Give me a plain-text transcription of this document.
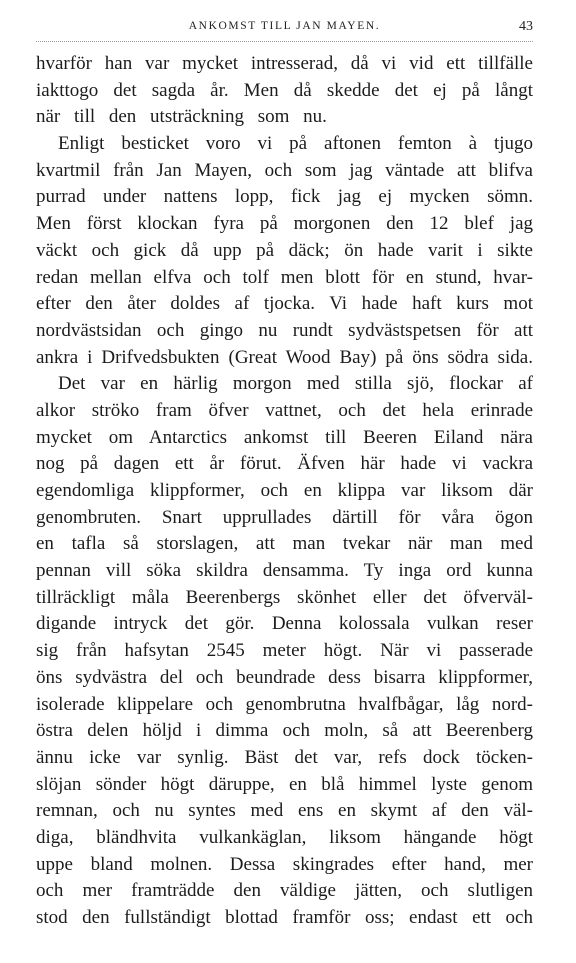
ANKOMST TILL JAN MAYEN.	43
hvarför han var mycket intresserad, då vi vid ett tillfälle
iakttogo det sagda år. Men då skedde det ej på långt
när till den utsträckning som nu.
Enligt besticket voro vi på aftonen femton à tjugo
kvartmil från Jan Mayen, och som jag väntade att blifva
purrad under nattens lopp, fick jag ej mycken sömn.
Men först klockan fyra på morgonen den 12 blef jag
väckt och gick då upp på däck; ön hade varit i sikte
redan mellan elfva och tolf men blott för en stund, hvar-
efter den åter doldes af tjocka. Vi hade haft kurs mot
nordvästsidan och gingo nu rundt sydvästspetsen för att
ankra i Drifvedsbukten (Great Wood Bay) på öns södra sida.
Det var en härlig morgon med stilla sjö, flockar af
alkor ströko fram öfver vattnet, och det hela erinrade
mycket om Antarctics ankomst till Beeren Eiland nära
nog på dagen ett år förut. Äfven här hade vi vackra
egendomliga klippformer, och en klippa var liksom där
genombruten. Snart upprullades därtill för våra ögon
en tafla så storslagen, att man tvekar när man med
pennan vill söka skildra densamma. Ty inga ord kunna
tillräckligt måla Beerenbergs skönhet eller det öfverväl-
digande intryck det gör. Denna kolossala vulkan reser
sig från hafsytan 2545 meter högt. När vi passerade
öns sydvästra del och beundrade dess bisarra klippformer,
isolerade klippelare och genombrutna hvalfbågar, låg nord-
östra delen höljd i dimma och moln, så att Beerenberg
ännu icke var synlig. Bäst det var, refs dock töcken-
slöjan sönder högt däruppe, en blå himmel lyste genom
remnan, och nu syntes med ens en skymt af den väl-
diga, bländhvita vulkankäglan, liksom hängande högt
uppe bland molnen. Dessa skingrades efter hand, mer
och mer framträdde den väldige jätten, och slutligen
stod den fullständigt blottad framför oss; endast ett och
